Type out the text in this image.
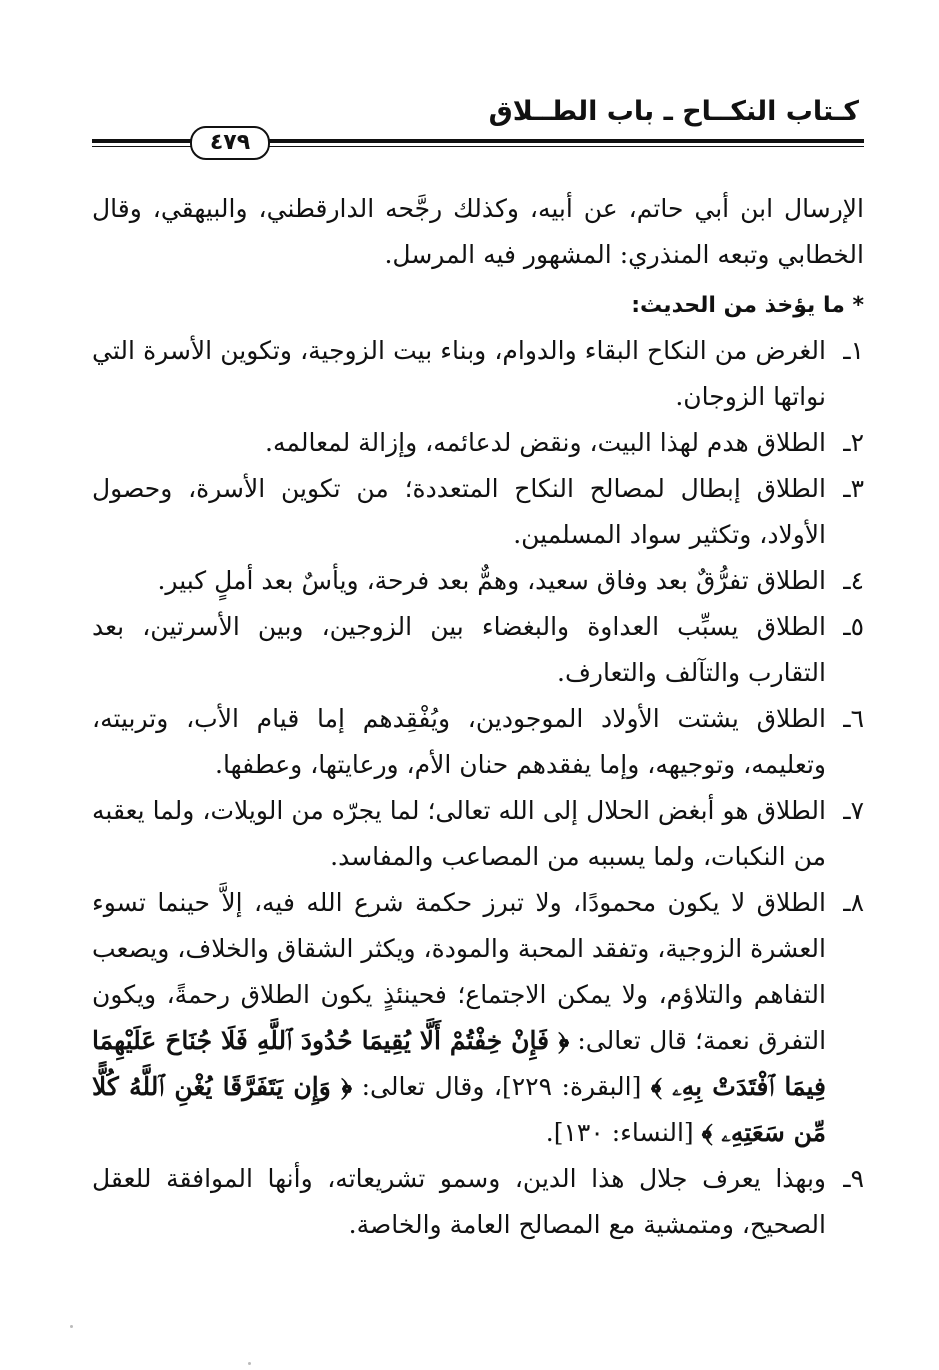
كـتاب النكــاح ـ باب الطــلاق
٤٧٩

الإرسال ابن أبي حاتم، عن أبيه، وكذلك رجَّحه الدارقطني، والبيهقي، وقال الخطابي وتبعه المنذري: المشهور فيه المرسل.

* ما يؤخذ من الحديث:

١ـ
الغرض من النكاح البقاء والدوام، وبناء بيت الزوجية، وتكوين الأسرة التي نواتها الزوجان.
٢ـ
الطلاق هدم لهذا البيت، ونقض لدعائمه، وإزالة لمعالمه.
٣ـ
الطلاق إبطال لمصالح النكاح المتعددة؛ من تكوين الأسرة، وحصول الأولاد، وتكثير سواد المسلمين.
٤ـ
الطلاق تفرُّقٌ بعد وفاق سعيد، وهمٌّ بعد فرحة، ويأسٌ بعد أملٍ كبير.
٥ـ
الطلاق يسبِّب العداوة والبغضاء بين الزوجين، وبين الأسرتين، بعد التقارب والتآلف والتعارف.
٦ـ
الطلاق يشتت الأولاد الموجودين، ويُفْقِدهم إما قيام الأب، وتربيته، وتعليمه، وتوجيهه، وإما يفقدهم حنان الأم، ورعايتها، وعطفها.
٧ـ
الطلاق هو أبغض الحلال إلى الله تعالى؛ لما يجرّه من الويلات، ولما يعقبه من النكبات، ولما يسببه من المصاعب والمفاسد.
٨ـ
الطلاق لا يكون محمودًا، ولا تبرز حكمة شرع الله فيه، إلاَّ حينما تسوء العشرة الزوجية، وتفقد المحبة والمودة، ويكثر الشقاق والخلاف، ويصعب التفاهم والتلاؤم، ولا يمكن الاجتماع؛ فحينئذٍ يكون الطلاق رحمةً، ويكون التفرق نعمة؛ قال تعالى: ﴿ فَإِنْ خِفْتُمْ أَلَّا يُقِيمَا حُدُودَ ٱللَّهِ فَلَا جُنَاحَ عَلَيْهِمَا فِيمَا ٱفْتَدَتْ بِهِۦ ﴾ [البقرة: ٢٢٩]، وقال تعالى: ﴿ وَإِن يَتَفَرَّقَا يُغْنِ ٱللَّهُ كُلًّا مِّن سَعَتِهِۦ ﴾ [النساء: ١٣٠].
٩ـ
وبهذا يعرف جلال هذا الدين، وسمو تشريعاته، وأنها الموافقة للعقل الصحيح، ومتمشية مع المصالح العامة والخاصة.
